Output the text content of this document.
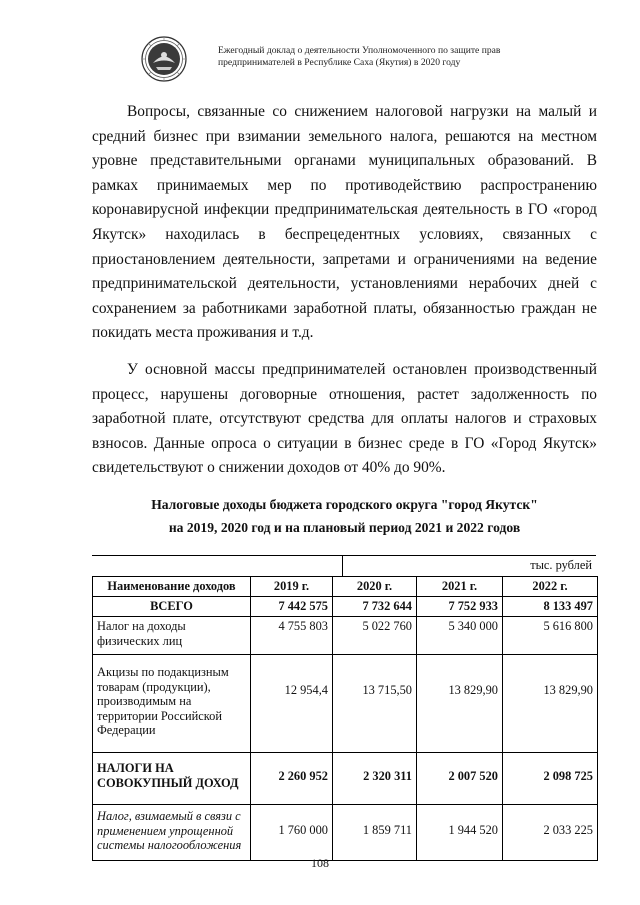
Ежегодный доклад о деятельности Уполномоченного по защите прав
предпринимателей в Республике Саха (Якутия) в 2020 году

Вопросы, связанные со снижением налоговой нагрузки на малый и средний бизнес при взимании земельного налога, решаются на местном уровне представительными органами муниципальных образований. В рамках принимаемых мер по противодействию распространению коронавирусной инфекции предпринимательская деятельность в ГО «город Якутск» находилась в беспрецедентных условиях, связанных с приостановлением деятельности, запретами и ограничениями на ведение предпринимательской деятельности, установлениями нерабочих дней с сохранением за работниками заработной платы, обязанностью граждан не покидать места проживания и т.д.

У основной массы предпринимателей остановлен производственный процесс, нарушены договорные отношения, растет задолженность по заработной плате, отсутствуют средства для оплаты налогов и страховых взносов. Данные опроса о ситуации в бизнес среде в ГО «Город Якутск» свидетельствуют о снижении доходов от 40% до 90%.

Налоговые доходы бюджета городского округа "город Якутск"
на 2019, 2020 год и на плановый период 2021 и 2022 годов
тыс. рублей
Наименование доходов	2019 г.	2020 г.	2021 г.	2022 г.
ВСЕГО	7 442 575	7 732 644	7 752 933	8 133 497
Налог на доходы физических лиц	4 755 803	5 022 760	5 340 000	5 616 800
Акцизы по подакцизным товарам (продукции), производимым на территории Российской Федерации	12 954,4	13 715,50	13 829,90	13 829,90
НАЛОГИ НА СОВОКУПНЫЙ ДОХОД	2 260 952	2 320 311	2 007 520	2 098 725
Налог, взимаемый в связи с применением упрощенной системы налогообложения	1 760 000	1 859 711	1 944 520	2 033 225
108
